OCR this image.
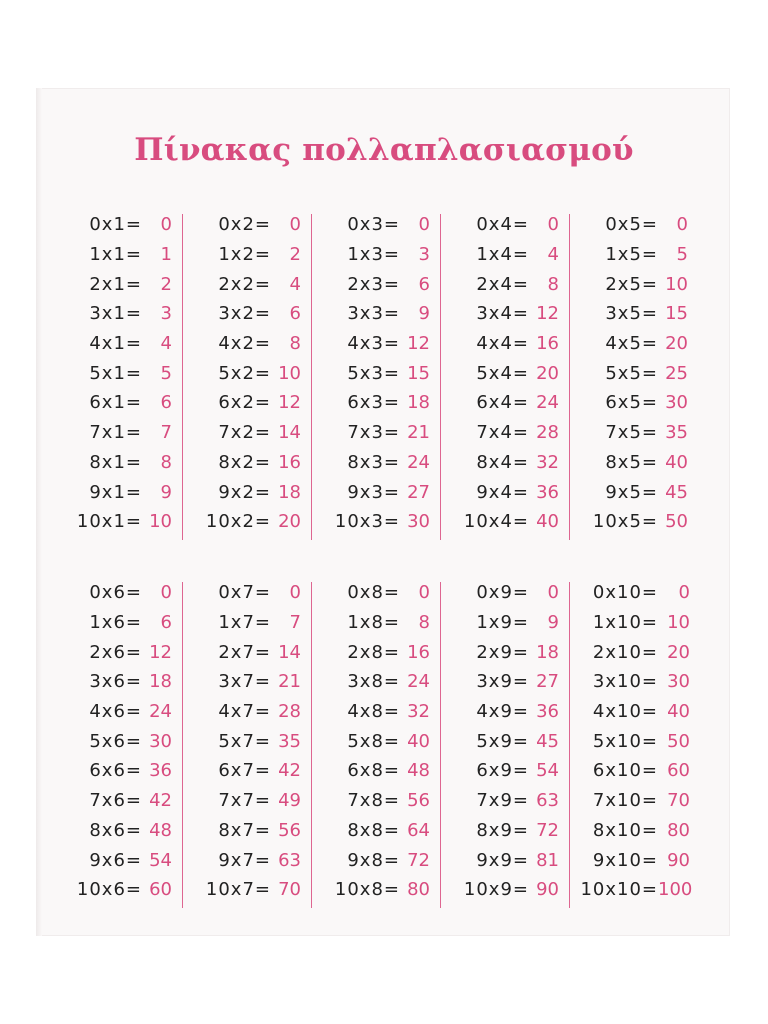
Πίνακας πολλαπλασιασμού
0x1=	0
1x1=	1
2x1=	2
3x1=	3
4x1=	4
5x1=	5
6x1=	6
7x1=	7
8x1=	8
9x1=	9
10x1= 10
0x2=	0
1x2=	2
2x2=	4
3x2=	6
4x2=	8
5x2= 10
6x2= 12
7x2= 14
8x2= 16
9x2= 18
10x2= 20
0x3=	0
1x3=	3
2x3=	6
3x3=	9
4x3= 12
5x3= 15
6x3= 18
7x3= 21
8x3= 24
9x3= 27
10x3= 30
0x4=	0
1x4=	4
2x4=	8
3x4= 12
4x4= 16
5x4= 20
6x4= 24
7x4= 28
8x4= 32
9x4= 36
10x4= 40
0x5=	0
1x5=	5
2x5= 10
3x5= 15
4x5= 20
5x5= 25
6x5= 30
7x5= 35
8x5= 40
9x5= 45
10x5= 50
0x6=	0
1x6=	6
2x6= 12
3x6= 18
4x6= 24
5x6= 30
6x6= 36
7x6= 42
8x6= 48
9x6= 54
10x6= 60
0x7=	0
1x7=	7
2x7= 14
3x7= 21
4x7= 28
5x7= 35
6x7= 42
7x7= 49
8x7= 56
9x7= 63
10x7= 70
0x8=	0
1x8=	8
2x8= 16
3x8= 24
4x8= 32
5x8= 40
6x8= 48
7x8= 56
8x8= 64
9x8= 72
10x8= 80
0x9=	0
1x9=	9
2x9= 18
3x9= 27
4x9= 36
5x9= 45
6x9= 54
7x9= 63
8x9= 72
9x9= 81
10x9= 90
0x10=	0
1x10= 10
2x10= 20
3x10= 30
4x10= 40
5x10= 50
6x10= 60
7x10= 70
8x10= 80
9x10= 90
10x10= 100
